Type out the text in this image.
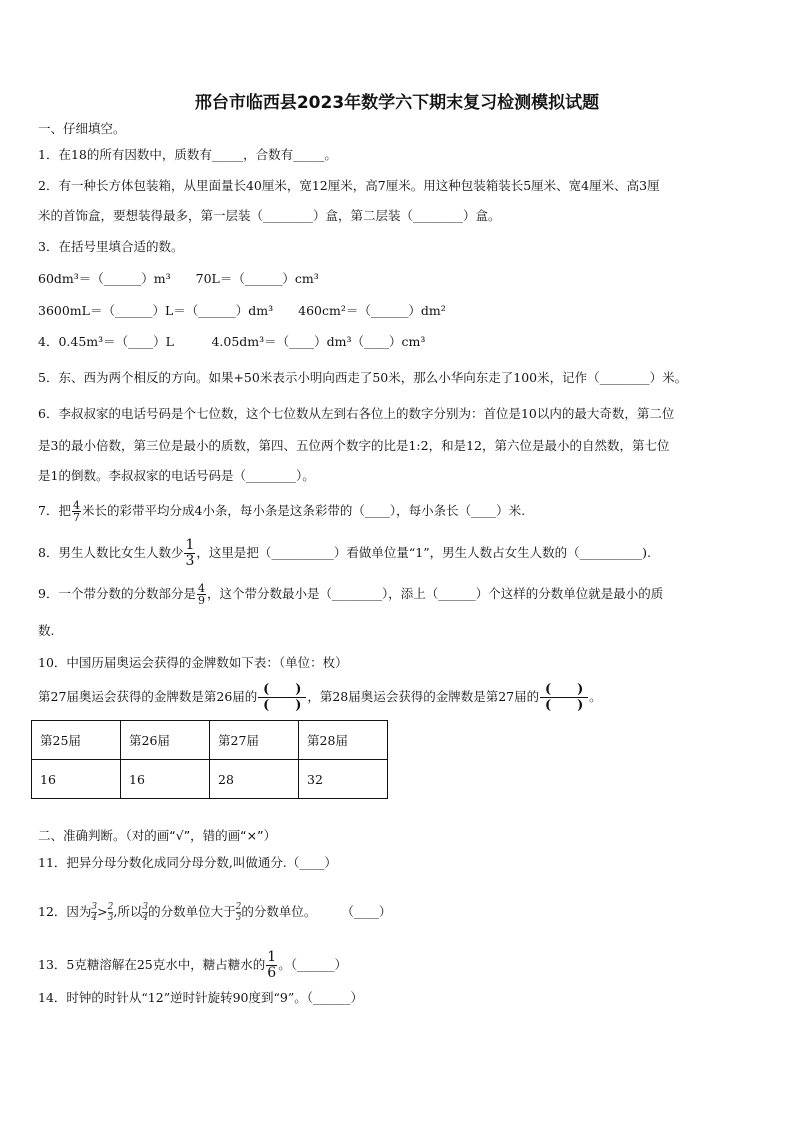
邢台市临西县2023年数学六下期末复习检测模拟试题
一、仔细填空。
1．在18的所有因数中，质数有_____，合数有_____。
2．有一种长方体包装箱，从里面量长40厘米，宽12厘米，高7厘米。用这种包装箱装长5厘米、宽4厘米、高3厘
米的首饰盒，要想装得最多，第一层装（________）盒，第二层装（________）盒。
3．在括号里填合适的数。
60dm³＝（______）m³　　70L＝（______）cm³
3600mL＝（______）L＝（______）dm³　　460cm²＝（______）dm²
4．0.45m³＝（____）L　　　4.05dm³＝（____）dm³（____）cm³
5．东、西为两个相反的方向。如果+50米表示小明向西走了50米，那么小华向东走了100米，记作（________）米。
6．李叔叔家的电话号码是个七位数，这个七位数从左到右各位上的数字分别为：首位是10以内的最大奇数，第二位
是3的最小倍数，第三位是最小的质数，第四、五位两个数字的比是1:2，和是12，第六位是最小的自然数，第七位
是1的倒数。李叔叔家的电话号码是（________）。
7．把 $\frac{4}{7}$ 米长的彩带平均分成4小条，每小条是这条彩带的（____），每小条长（____）米.
8．男生人数比女生人数少 $\frac{1}{3}$ ，这里是把（__________）看做单位量“1”，男生人数占女生人数的（__________).
9．一个带分数的分数部分是 $\frac{4}{9}$ ，这个带分数最小是（________），添上（______）个这样的分数单位就是最小的质
数.
10．中国历届奥运会获得的金牌数如下表：（单位：枚）
第27届奥运会获得的金牌数是第26届的 $\frac{( )}{( )}$ ，第28届奥运会获得的金牌数是第27届的 $\frac{( )}{( )}$ 。
第25届	第26届	第27届	第28届
16	16	28	32
二、准确判断。（对的画“√”，错的画“×”）
11．把异分母分数化成同分母分数,叫做通分.（____）
12．因为 $\frac{3}{4} > \frac{2}{3}$ ,所以 $\frac{3}{4}$ 的分数单位大于 $\frac{2}{3}$ 的分数单位。　　　（____）
13．5克糖溶解在25克水中，糖占糖水的 $\frac{1}{6}$ 。（______）
14．时钟的时针从“12”逆时针旋转90度到“9”。（______）
